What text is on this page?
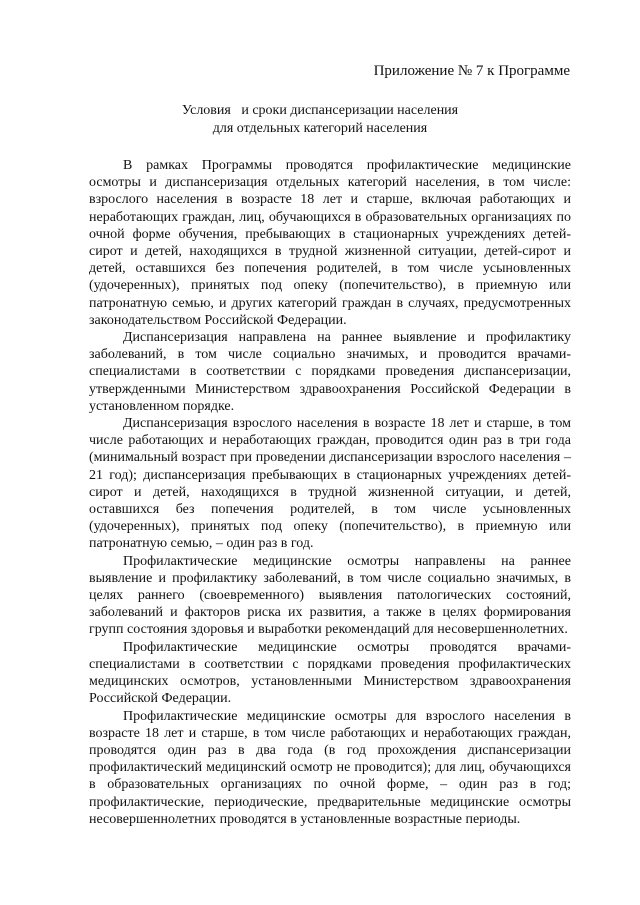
Приложение № 7 к Программе
Условия   и сроки диспансеризации населения
для отдельных категорий населения

В рамках Программы проводятся профилактические медицинские осмотры и диспансеризация отдельных категорий населения, в том числе: взрослого населения в возрасте 18 лет и старше, включая работающих и неработающих граждан, лиц, обучающихся в образовательных организациях по очной форме обучения, пребывающих в стационарных учреждениях детей-сирот и детей, находящихся в трудной жизненной ситуации, детей-сирот и детей, оставшихся без попечения родителей, в том числе усыновленных (удочеренных), принятых под опеку (попечительство), в приемную или патронатную семью, и других категорий граждан в случаях, предусмотренных законодательством Российской Федерации.

Диспансеризация направлена на раннее выявление и профилактику заболеваний, в том числе социально значимых, и проводится врачами-специалистами в соответствии с порядками проведения диспансеризации, утвержденными Министерством здравоохранения Российской Федерации в установленном порядке.

Диспансеризация взрослого населения в возрасте 18 лет и старше, в том числе работающих и неработающих граждан, проводится один раз в три года (минимальный возраст при проведении диспансеризации взрослого населения – 21 год); диспансеризация пребывающих в стационарных учреждениях детей-сирот и детей, находящихся в трудной жизненной ситуации, и детей, оставшихся без попечения родителей, в том числе усыновленных (удочеренных), принятых под опеку (попечительство), в приемную или патронатную семью, – один раз в год.

Профилактические медицинские осмотры направлены на раннее выявление и профилактику заболеваний, в том числе социально значимых, в целях раннего (своевременного) выявления патологических состояний, заболеваний и факторов риска их развития, а также в целях формирования групп состояния здоровья и выработки рекомендаций для несовершеннолетних.

Профилактические медицинские осмотры проводятся врачами-специалистами в соответствии с порядками проведения профилактических медицинских осмотров, установленными Министерством здравоохранения Российской Федерации.

Профилактические медицинские осмотры для взрослого населения в возрасте 18 лет и старше, в том числе работающих и неработающих граждан, проводятся один раз в два года (в год прохождения диспансеризации профилактический медицинский осмотр не проводится); для лиц, обучающихся в образовательных организациях по очной форме, – один раз в год; профилактические, периодические, предварительные медицинские осмотры несовершеннолетних проводятся в установленные возрастные периоды.
